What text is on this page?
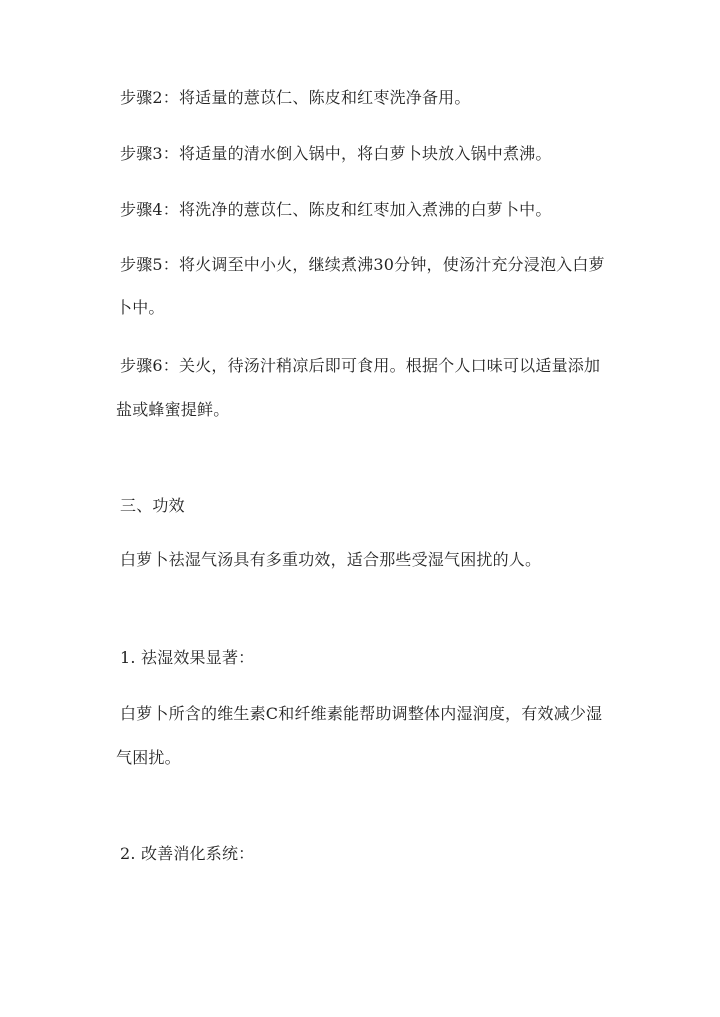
步骤2：将适量的薏苡仁、陈皮和红枣洗净备用。
步骤3：将适量的清水倒入锅中，将白萝卜块放入锅中煮沸。
步骤4：将洗净的薏苡仁、陈皮和红枣加入煮沸的白萝卜中。
步骤5：将火调至中小火，继续煮沸30分钟，使汤汁充分浸泡入白萝
卜中。
步骤6：关火，待汤汁稍凉后即可食用。根据个人口味可以适量添加
盐或蜂蜜提鲜。
三、功效
白萝卜祛湿气汤具有多重功效，适合那些受湿气困扰的人。
1. 祛湿效果显著：
白萝卜所含的维生素C和纤维素能帮助调整体内湿润度，有效减少湿
气困扰。
2. 改善消化系统：
